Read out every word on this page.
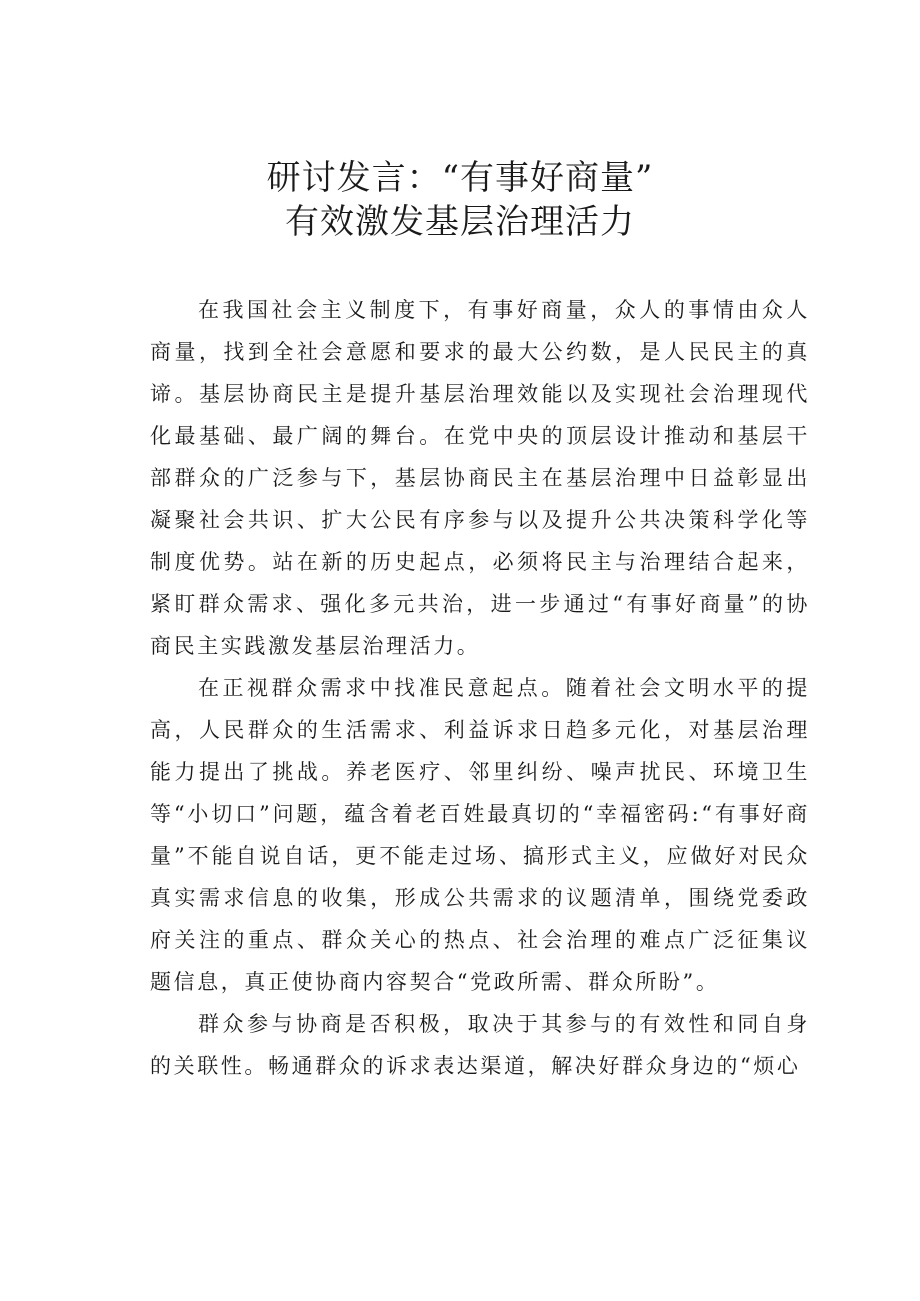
研讨发言：“有事好商量”
有效激发基层治理活力

在我国社会主义制度下，有事好商量，众人的事情由众人商量，找到全社会意愿和要求的最大公约数，是人民民主的真谛。基层协商民主是提升基层治理效能以及实现社会治理现代化最基础、最广阔的舞台。在党中央的顶层设计推动和基层干部群众的广泛参与下，基层协商民主在基层治理中日益彰显出凝聚社会共识、扩大公民有序参与以及提升公共决策科学化等制度优势。站在新的历史起点，必须将民主与治理结合起来，紧盯群众需求、强化多元共治，进一步通过“有事好商量”的协商民主实践激发基层治理活力。

在正视群众需求中找准民意起点。随着社会文明水平的提高，人民群众的生活需求、利益诉求日趋多元化，对基层治理能力提出了挑战。养老医疗、邻里纠纷、噪声扰民、环境卫生等“小切口”问题，蕴含着老百姓最真切的“幸福密码:“有事好商量”不能自说自话，更不能走过场、搞形式主义，应做好对民众真实需求信息的收集，形成公共需求的议题清单，围绕党委政府关注的重点、群众关心的热点、社会治理的难点广泛征集议题信息，真正使协商内容契合“党政所需、群众所盼”。

群众参与协商是否积极，取决于其参与的有效性和同自身的关联性。畅通群众的诉求表达渠道，解决好群众身边的“烦心
